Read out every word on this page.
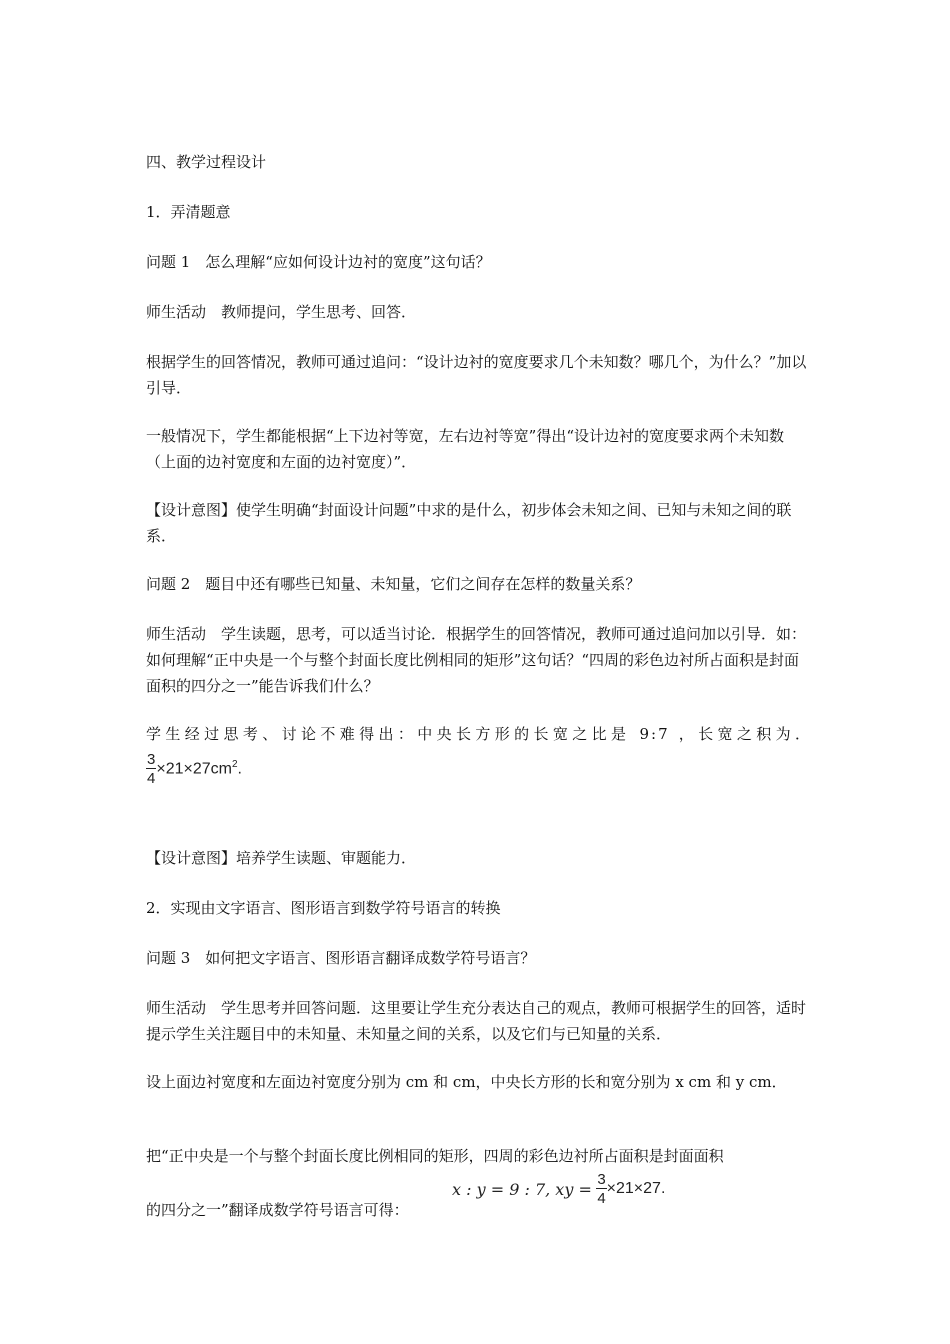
四、教学过程设计

1．弄清题意

问题 1　怎么理解“应如何设计边衬的宽度”这句话？

师生活动　教师提问，学生思考、回答．

根据学生的回答情况，教师可通过追问：“设计边衬的宽度要求几个未知数？哪几个，为什么？”加以引导．

一般情况下，学生都能根据“上下边衬等宽，左右边衬等宽”得出“设计边衬的宽度要求两个未知数（上面的边衬宽度和左面的边衬宽度）”．

【设计意图】使学生明确“封面设计问题”中求的是什么，初步体会未知之间、已知与未知之间的联系．

问题 2　题目中还有哪些已知量、未知量，它们之间存在怎样的数量关系？

师生活动　学生读题，思考，可以适当讨论．根据学生的回答情况，教师可通过追问加以引导．如：如何理解“正中央是一个与整个封面长度比例相同的矩形”这句话？“四周的彩色边衬所占面积是封面面积的四分之一”能告诉我们什么？

学生经过思考、讨论不难得出：中央长方形的长宽之比是 9:7 ，长宽之积为．

$\frac{3}{4} \times 21\times 27cm^2$.

【设计意图】培养学生读题、审题能力．

2．实现由文字语言、图形语言到数学符号语言的转换

问题 3　如何把文字语言、图形语言翻译成数学符号语言？

师生活动　学生思考并回答问题．这里要让学生充分表达自己的观点，教师可根据学生的回答，适时提示学生关注题目中的未知量、未知量之间的关系，以及它们与已知量的关系．

设上面边衬宽度和左面边衬宽度分别为 cm 和 cm，中央长方形的长和宽分别为 x cm 和 y cm．

把“正中央是一个与整个封面长度比例相同的矩形，四周的彩色边衬所占面积是封面面积

的四分之一”翻译成数学符号语言可得：

x : y = 9 : 7, xy = $\frac{3}{4} \times 21\times 27$.
